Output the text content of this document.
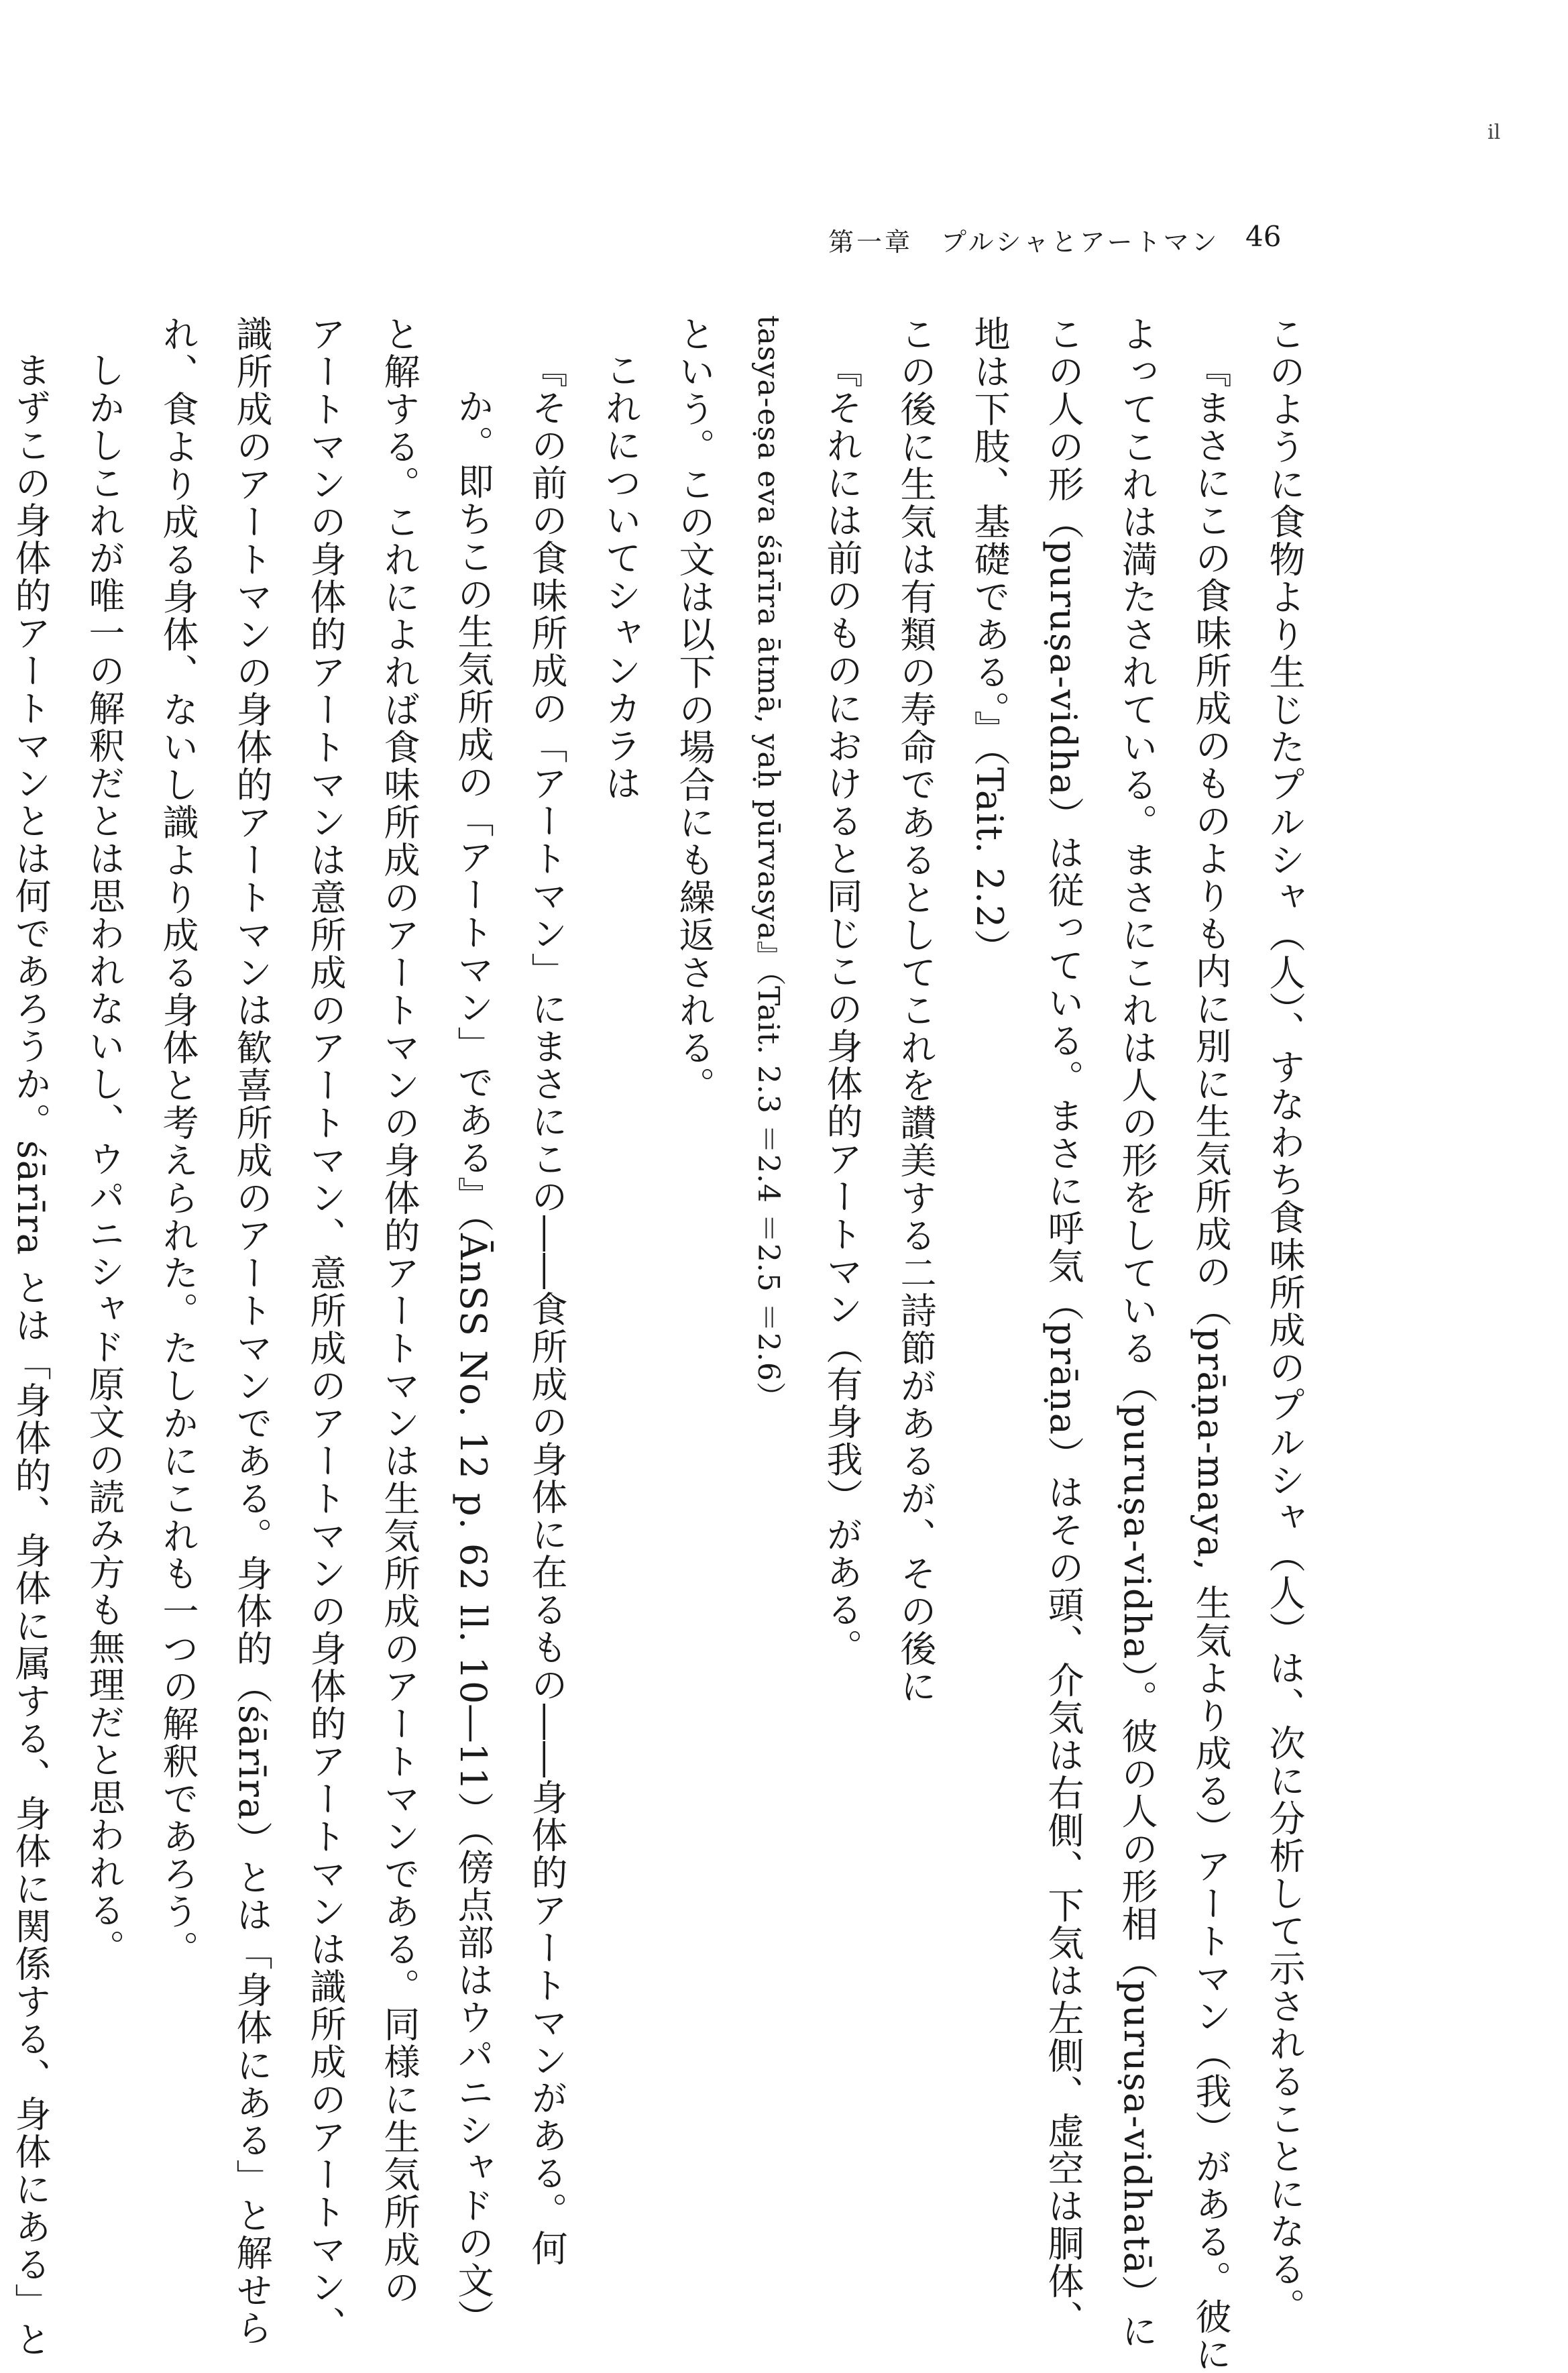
il
第一章　プルシャとアートマン 46
このように食物より生じたプルシャ（人）、すなわち食味所成のプルシャ（人）は、次に分析して示されることになる。
『まさにこの食味所成のものよりも内に別に生気所成の（prāṇa-maya, 生気より成る）アートマン（我）がある。彼に
よってこれは満たされている。まさにこれは人の形をしている（puruṣa-vidha）。彼の人の形相（puruṣa-vidhatā）に
この人の形（puruṣa-vidha）は従っている。まさに呼気（prāṇa）はその頭、介気は右側、下気は左側、虚空は胴体、
地は下肢、基礎である。』（Tait. 2.2）
この後に生気は有類の寿命であるとしてこれを讃美する二詩節があるが、その後に
『それには前のものにおけると同じこの身体的アートマン（有身我）がある。
tasya-eṣa eva śārīra ātmā, yaḥ pūrvasya』（Tait. 2.3 ＝2.4 ＝2.5 ＝2.6）
という。この文は以下の場合にも繰返される。
これについてシャンカラは
『その前の食味所成の「アートマン」にまさにこの――食所成の身体に在るもの――身体的アートマンがある。何
か。即ちこの生気所成の「アートマン」である』（ĀnSS No. 12 p. 62 ll. 10―11）（傍点部はウパニシャドの文）
と解する。これによれば食味所成のアートマンの身体的アートマンは生気所成のアートマンである。同様に生気所成の
アートマンの身体的アートマンは意所成のアートマン、意所成のアートマンの身体的アートマンは識所成のアートマン、
識所成のアートマンの身体的アートマンは歓喜所成のアートマンである。身体的（śārīra）とは「身体にある」と解せら
れ、食より成る身体、ないし識より成る身体と考えられた。たしかにこれも一つの解釈であろう。
しかしこれが唯一の解釈だとは思われないし、ウパニシャド原文の読み方も無理だと思われる。
まずこの身体的アートマンとは何であろうか。śārīra とは「身体的、身体に属する、身体に関係する、身体にある」と
